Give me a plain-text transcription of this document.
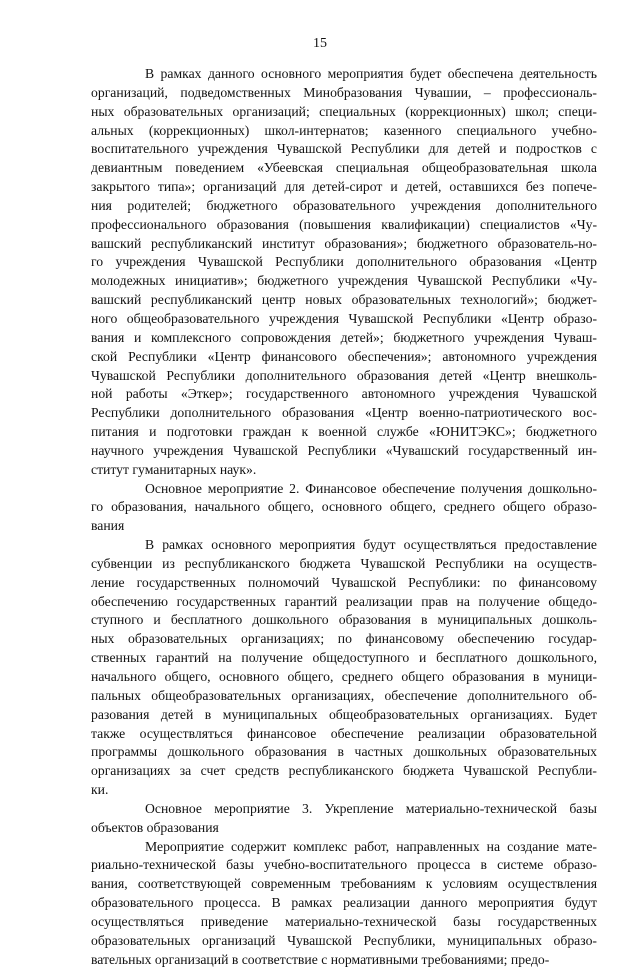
15
В рамках данного основного мероприятия будет обеспечена деятельность
организаций, подведомственных Минобразования Чувашии, – профессиональ-
ных образовательных организаций; специальных (коррекционных) школ; специ-
альных (коррекционных) школ-интернатов; казенного специального учебно-
воспитательного учреждения Чувашской Республики для детей и подростков с
девиантным поведением «Убеевская специальная общеобразовательная школа
закрытого типа»; организаций для детей-сирот и детей, оставшихся без попече-
ния родителей; бюджетного образовательного учреждения дополнительного
профессионального образования (повышения квалификации) специалистов «Чу-
вашский республиканский институт образования»; бюджетного образователь-но-
го учреждения Чувашской Республики дополнительного образования «Центр
молодежных инициатив»; бюджетного учреждения Чувашской Республики «Чу-
вашский республиканский центр новых образовательных технологий»; бюджет-
ного общеобразовательного учреждения Чувашской Республики «Центр образо-
вания и комплексного сопровождения детей»; бюджетного учреждения Чуваш-
ской Республики «Центр финансового обеспечения»; автономного учреждения
Чувашской Республики дополнительного образования детей «Центр внешколь-
ной работы «Эткер»; государственного автономного учреждения Чувашской
Республики дополнительного образования «Центр военно-патриотического вос-
питания и подготовки граждан к военной службе «ЮНИТЭКС»; бюджетного
научного учреждения Чувашской Республики «Чувашский государственный ин-
ститут гуманитарных наук».
Основное мероприятие 2. Финансовое обеспечение получения дошкольно-
го образования, начального общего, основного общего, среднего общего образо-
вания
В рамках основного мероприятия будут осуществляться предоставление
субвенции из республиканского бюджета Чувашской Республики на осуществ-
ление государственных полномочий Чувашской Республики: по финансовому
обеспечению государственных гарантий реализации прав на получение общедо-
ступного и бесплатного дошкольного образования в муниципальных дошколь-
ных образовательных организациях; по финансовому обеспечению государ-
ственных гарантий на получение общедоступного и бесплатного дошкольного,
начального общего, основного общего, среднего общего образования в муници-
пальных общеобразовательных организациях, обеспечение дополнительного об-
разования детей в муниципальных общеобразовательных организациях. Будет
также осуществляться финансовое обеспечение реализации образовательной
программы дошкольного образования в частных дошкольных образовательных
организациях за счет средств республиканского бюджета Чувашской Республи-
ки.
Основное мероприятие 3. Укрепление материально-технической базы
объектов образования
Мероприятие содержит комплекс работ, направленных на создание мате-
риально-технической базы учебно-воспитательного процесса в системе образо-
вания, соответствующей современным требованиям к условиям осуществления
образовательного процесса. В рамках реализации данного мероприятия будут
осуществляться приведение материально-технической базы государственных
образовательных организаций Чувашской Республики, муниципальных образо-
вательных организаций в соответствие с нормативными требованиями; предо-
